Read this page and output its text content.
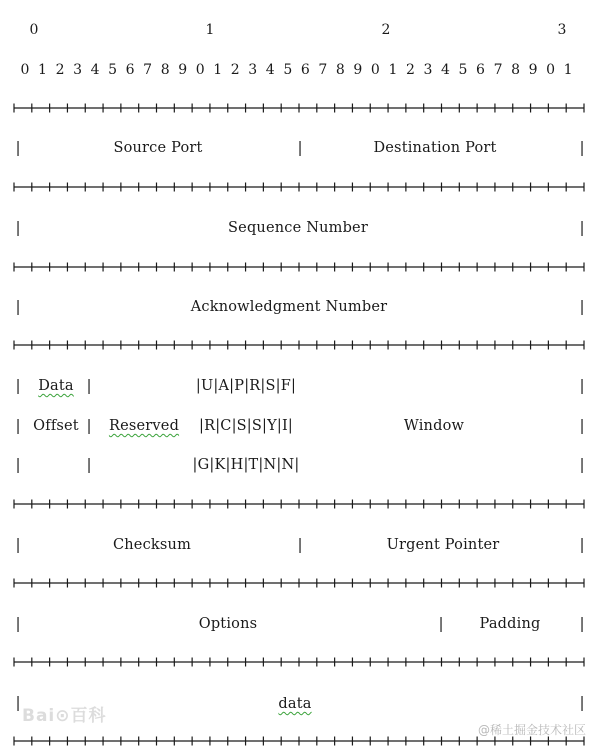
0	1	2	3
0 1 2 3 4 5 6 7 8 9 0 1 2 3 4 5 6 7 8 9 0 1 2 3 4 5 6 7 8 9 0 1
|	Source Port	|	Destination Port	|
|	Sequence Number	|
|	Acknowledgment Number	|
| Data |	|U|A|P|R|S|F|	|
| Offset | Reserved |R|C|S|S|Y|I|	Window	|
|	|	|G|K|H|T|N|N|	|
|	Checksum	|	Urgent Pointer	|
|	Options	| Padding	|
|	data	|
Bai⊙百科
@稀土掘金技术社区
